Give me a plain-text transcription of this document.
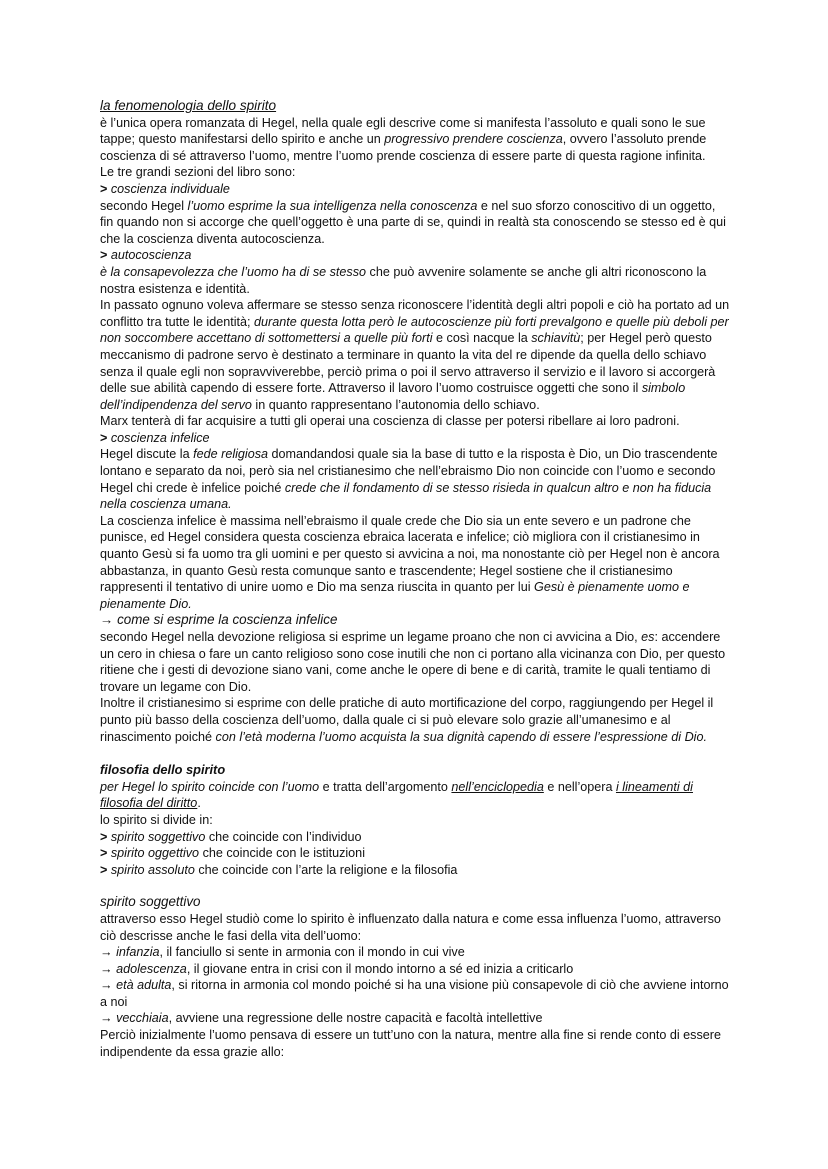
la fenomenologia dello spirito

è l’unica opera romanzata di Hegel, nella quale egli descrive come si manifesta l’assoluto e quali sono le sue tappe; questo manifestarsi dello spirito e anche un progressivo prendere coscienza, ovvero l’assoluto prende coscienza di sé attraverso l’uomo, mentre l’uomo prende coscienza di essere parte di questa ragione infinita.

Le tre grandi sezioni del libro sono:

> coscienza individuale

secondo Hegel l’uomo esprime la sua intelligenza nella conoscenza e nel suo sforzo conoscitivo di un oggetto, fin quando non si accorge che quell’oggetto è una parte di se, quindi in realtà sta conoscendo se stesso ed è qui che la coscienza diventa autocoscienza.

> autocoscienza

è la consapevolezza che l’uomo ha di se stesso che può avvenire solamente se anche gli altri riconoscono la nostra esistenza e identità.

In passato ognuno voleva affermare se stesso senza riconoscere l’identità degli altri popoli e ciò ha portato ad un conflitto tra tutte le identità; durante questa lotta però le autocoscienze più forti prevalgono e quelle più deboli per non soccombere accettano di sottomettersi a quelle più forti e così nacque la schiavitù; per Hegel però questo meccanismo di padrone servo è destinato a terminare in quanto la vita del re dipende da quella dello schiavo senza il quale egli non sopravviverebbe, perciò prima o poi il servo attraverso il servizio e il lavoro si accorgerà delle sue abilità capendo di essere forte. Attraverso il lavoro l’uomo costruisce oggetti che sono il simbolo dell’indipendenza del servo in quanto rappresentano l’autonomia dello schiavo.

Marx tenterà di far acquisire a tutti gli operai una coscienza di classe per potersi ribellare ai loro padroni.

> coscienza infelice

Hegel discute la fede religiosa domandandosi quale sia la base di tutto e la risposta è Dio, un Dio trascendente lontano e separato da noi, però sia nel cristianesimo che nell’ebraismo Dio non coincide con l’uomo e secondo Hegel chi crede è infelice poiché crede che il fondamento di se stesso risieda in qualcun altro e non ha fiducia nella coscienza umana.

La coscienza infelice è massima nell’ebraismo il quale crede che Dio sia un ente severo e un padrone che punisce, ed Hegel considera questa coscienza ebraica lacerata e infelice; ciò migliora con il cristianesimo in quanto Gesù si fa uomo tra gli uomini e per questo si avvicina a noi, ma nonostante ciò per Hegel non è ancora abbastanza, in quanto Gesù resta comunque santo e trascendente; Hegel sostiene che il cristianesimo rappresenti il tentativo di unire uomo e Dio ma senza riuscita in quanto per lui Gesù è pienamente uomo e pienamente Dio.

→ come si esprime la coscienza infelice

secondo Hegel nella devozione religiosa si esprime un legame proano che non ci avvicina a Dio, es: accendere un cero in chiesa o fare un canto religioso sono cose inutili che non ci portano alla vicinanza con Dio, per questo ritiene che i gesti di devozione siano vani, come anche le opere di bene e di carità, tramite le quali tentiamo di trovare un legame con Dio.

Inoltre il cristianesimo si esprime con delle pratiche di auto mortificazione del corpo, raggiungendo per Hegel il punto più basso della coscienza dell’uomo, dalla quale ci si può elevare solo grazie all’umanesimo e al rinascimento poiché con l’età moderna l’uomo acquista la sua dignità capendo di essere l’espressione di Dio.

filosofia dello spirito

per Hegel lo spirito coincide con l’uomo e tratta dell’argomento nell’enciclopedia e nell’opera i lineamenti di filosofia del diritto.

lo spirito si divide in:

> spirito soggettivo che coincide con l’individuo

> spirito oggettivo che coincide con le istituzioni

> spirito assoluto che coincide con l’arte la religione e la filosofia

spirito soggettivo

attraverso esso Hegel studiò come lo spirito è influenzato dalla natura e come essa influenza l’uomo, attraverso ciò descrisse anche le fasi della vita dell’uomo:

→ infanzia, il fanciullo si sente in armonia con il mondo in cui vive

→ adolescenza, il giovane entra in crisi con il mondo intorno a sé ed inizia a criticarlo

→ età adulta, si ritorna in armonia col mondo poiché si ha una visione più consapevole di ciò che avviene intorno a noi

→ vecchiaia, avviene una regressione delle nostre capacità e facoltà intellettive

Perciò inizialmente l’uomo pensava di essere un tutt’uno con la natura, mentre alla fine si rende conto di essere indipendente da essa grazie allo:
